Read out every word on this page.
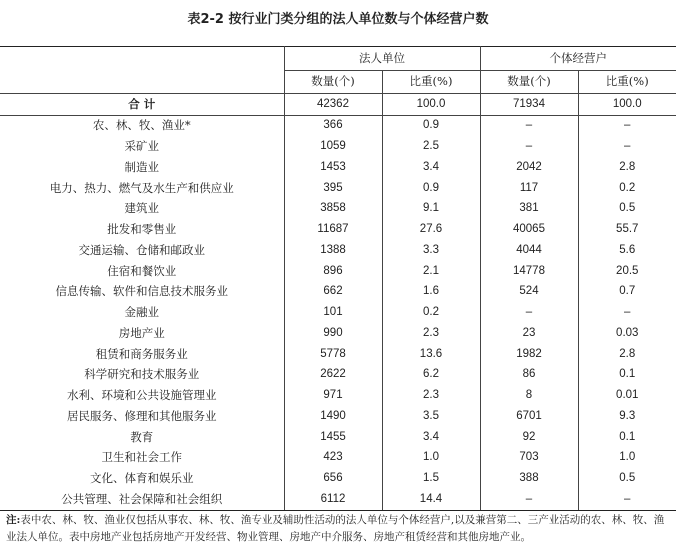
表2-2 按行业门类分组的法人单位数与个体经营户数
	法人单位		个体经营户	
	数量(个)	比重(%)	数量(个)	比重(%)
合 计	42362	100.0	71934	100.0
农、林、牧、渔业*	366	0.9	–	–
采矿业	1059	2.5	–	–
制造业	1453	3.4	2042	2.8
电力、热力、燃气及水生产和供应业	395	0.9	117	0.2
建筑业	3858	9.1	381	0.5
批发和零售业	11687	27.6	40065	55.7
交通运输、仓储和邮政业	1388	3.3	4044	5.6
住宿和餐饮业	896	2.1	14778	20.5
信息传输、软件和信息技术服务业	662	1.6	524	0.7
金融业	101	0.2	–	–
房地产业	990	2.3	23	0.03
租赁和商务服务业	5778	13.6	1982	2.8
科学研究和技术服务业	2622	6.2	86	0.1
水利、环境和公共设施管理业	971	2.3	8	0.01
居民服务、修理和其他服务业	1490	3.5	6701	9.3
教育	1455	3.4	92	0.1
卫生和社会工作	423	1.0	703	1.0
文化、体育和娱乐业	656	1.5	388	0.5
公共管理、社会保障和社会组织	6112	14.4	–	–
注:表中农、林、牧、渔业仅包括从事农、林、牧、渔专业及辅助性活动的法人单位与个体经营户,以及兼营第二、三产业活动的农、林、牧、渔业法人单位。表中房地产业包括房地产开发经营、物业管理、房地产中介服务、房地产租赁经营和其他房地产业。
